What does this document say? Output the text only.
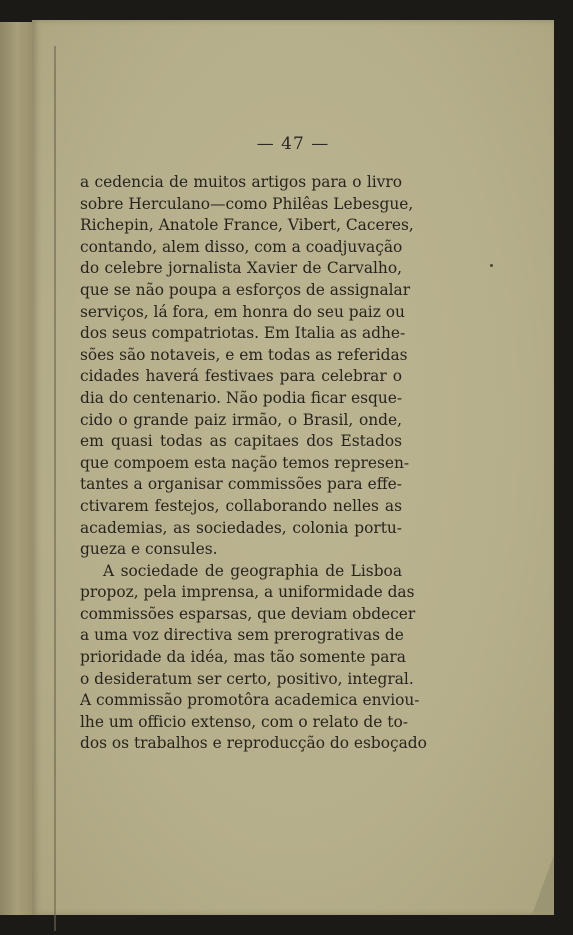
— 47 —
a cedencia de muitos artigos para o livro
sobre Herculano—como Philêas Lebesgue,
Richepin, Anatole France, Vibert, Caceres,
contando, alem disso, com a coadjuvação
do celebre jornalista Xavier de Carvalho,
que se não poupa a esforços de assignalar
serviços, lá fora, em honra do seu paiz ou
dos seus compatriotas. Em Italia as adhe-
sões são notaveis, e em todas as referidas
cidades haverá festivaes para celebrar o
dia do centenario. Não podia ficar esque-
cido o grande paiz irmão, o Brasil, onde,
em quasi todas as capitaes dos Estados
que compoem esta nação temos represen-
tantes a organisar commissões para effe-
ctivarem festejos, collaborando nelles as
academias, as sociedades, colonia portu-
gueza e consules.
A sociedade de geographia de Lisboa
propoz, pela imprensa, a uniformidade das
commissões esparsas, que deviam obdecer
a uma voz directiva sem prerogrativas de
prioridade da idéa, mas tão somente para
o desideratum ser certo, positivo, integral.
A commissão promotôra academica enviou-
lhe um officio extenso, com o relato de to-
dos os trabalhos e reproducção do esboçado
